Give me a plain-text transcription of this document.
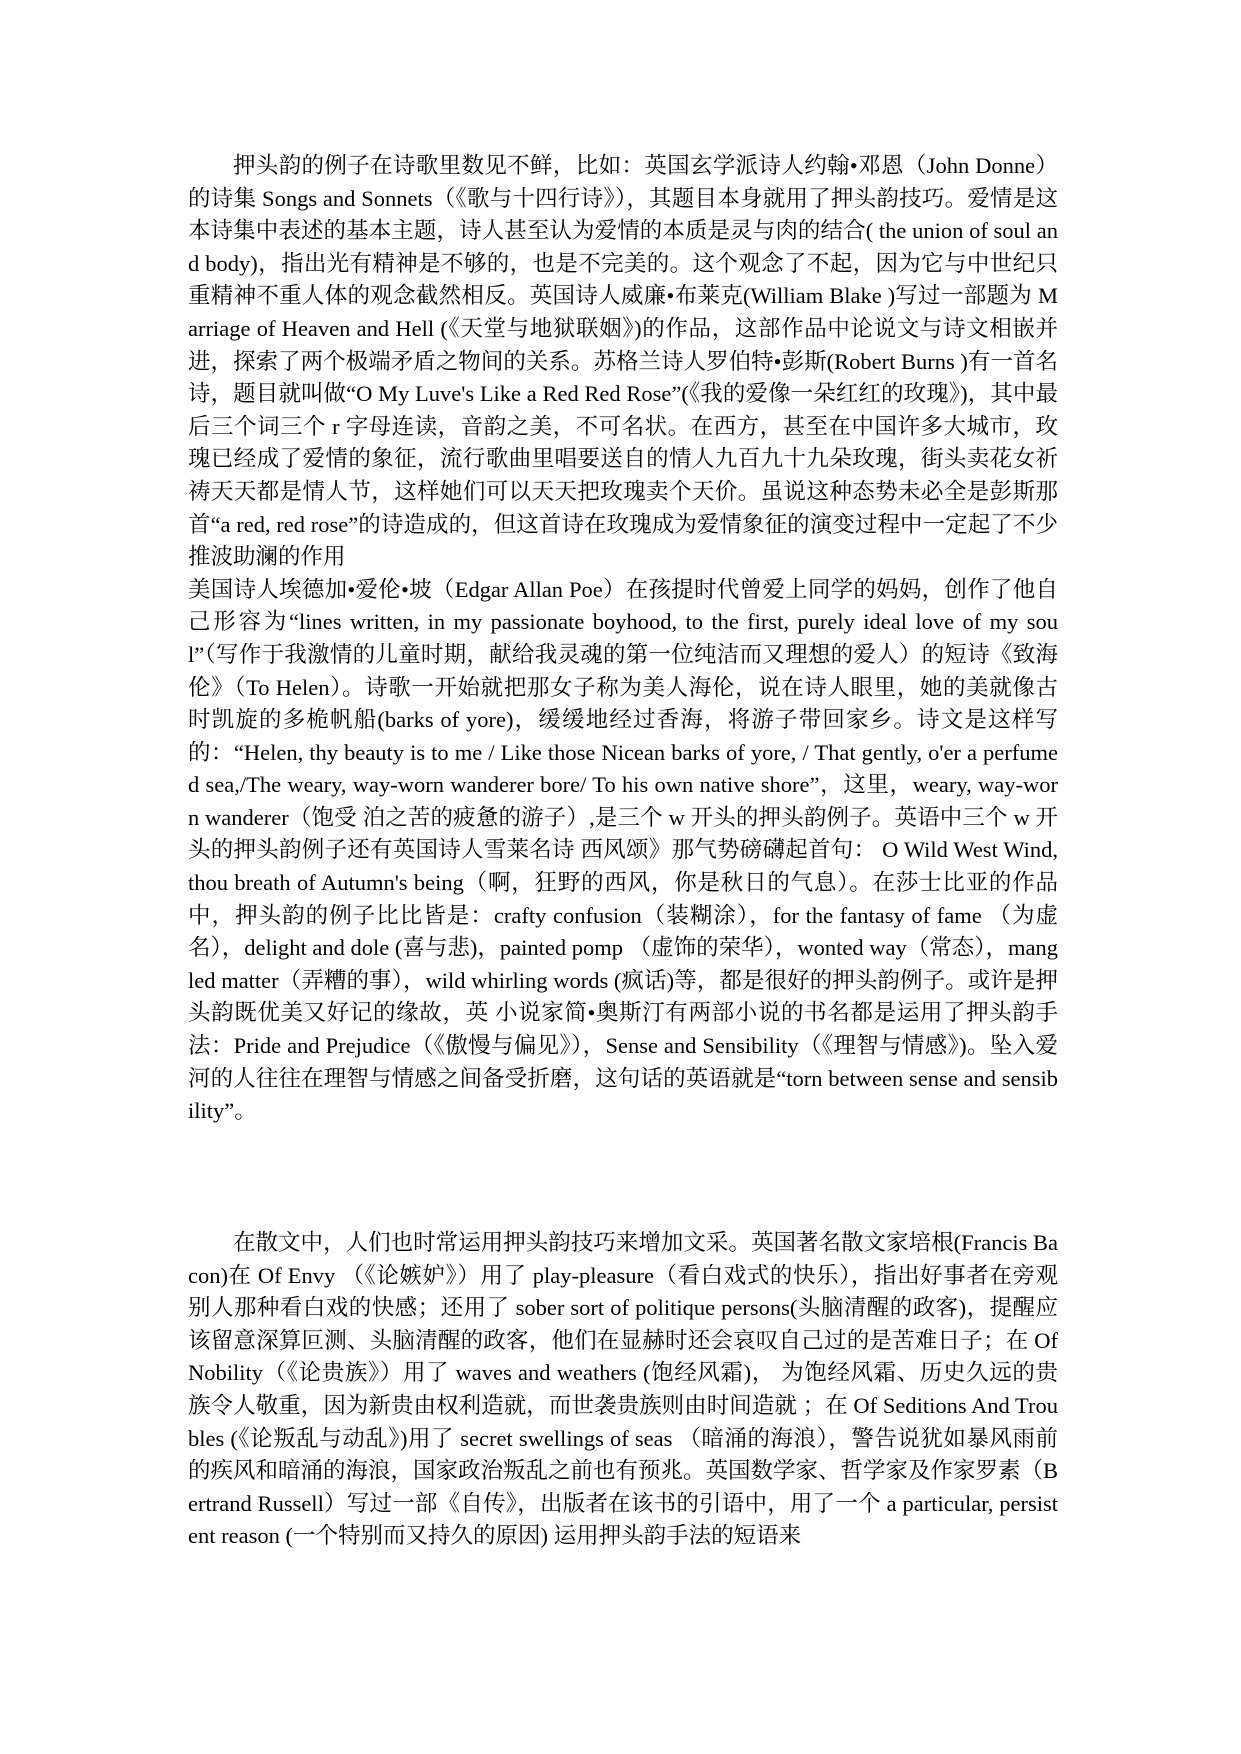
押头韵的例子在诗歌里数见不鲜，比如：英国玄学派诗人约翰•邓恩（John Donne）的诗集 Songs and Sonnets（《歌与十四行诗》），其题目本身就用了押头韵技巧。爱情是这本诗集中表述的基本主题，诗人甚至认为爱情的本质是灵与肉的结合( the union of soul and body)，指出光有精神是不够的，也是不完美的。这个观念了不起，因为它与中世纪只重精神不重人体的观念截然相反。英国诗人威廉•布莱克(William Blake )写过一部题为 Marriage of Heaven and Hell (《天堂与地狱联姻》)的作品，这部作品中论说文与诗文相嵌并进，探索了两个极端矛盾之物间的关系。苏格兰诗人罗伯特•彭斯(Robert Burns )有一首名诗，题目就叫做“O My Luve's Like a Red Red Rose”(《我的爱像一朵红红的玫瑰》)，其中最后三个词三个 r 字母连读，音韵之美，不可名状。在西方，甚至在中国许多大城市，玫瑰已经成了爱情的象征，流行歌曲里唱要送自的情人九百九十九朵玫瑰，街头卖花女祈祷天天都是情人节，这样她们可以天天把玫瑰卖个天价。虽说这种态势未必全是彭斯那首“a red, red rose”的诗造成的，但这首诗在玫瑰成为爱情象征的演变过程中一定起了不少推波助澜的作用

美国诗人埃德加•爱伦•坡（Edgar Allan Poe）在孩提时代曾爱上同学的妈妈，创作了他自己形容为“lines written, in my passionate boyhood, to the first, purely ideal love of my soul”（写作于我激情的儿童时期，献给我灵魂的第一位纯洁而又理想的爱人）的短诗《致海伦》（To Helen）。诗歌一开始就把那女子称为美人海伦，说在诗人眼里，她的美就像古时凯旋的多桅帆船(barks of yore)，缓缓地经过香海，将游子带回家乡。诗文是这样写的：“Helen, thy beauty is to me / Like those Nicean barks of yore, / That gently, o'er a perfumed sea,/The weary, way-worn wanderer bore/ To his own native shore”，这里，weary, way-worn wanderer（饱受 泊之苦的疲惫的游子）,是三个 w 开头的押头韵例子。英语中三个 w 开头的押头韵例子还有英国诗人雪莱名诗 西风颂》那气势磅礴起首句： O Wild West Wind, thou breath of Autumn's being（啊，狂野的西风，你是秋日的气息）。在莎士比亚的作品中，押头韵的例子比比皆是：crafty confusion（装糊涂），for the fantasy of fame （为虚名），delight and dole (喜与悲)，painted pomp （虚饰的荣华），wonted way（常态），mangled matter（弄糟的事），wild whirling words (疯话)等，都是很好的押头韵例子。或许是押头韵既优美又好记的缘故，英 小说家简•奥斯汀有两部小说的书名都是运用了押头韵手法：Pride and Prejudice（《傲慢与偏见》），Sense and Sensibility（《理智与情感》)。坠入爱河的人往往在理智与情感之间备受折磨，这句话的英语就是“torn between sense and sensibility”。

在散文中，人们也时常运用押头韵技巧来增加文采。英国著名散文家培根(Francis Bacon)在 Of Envy （《论嫉妒》）用了 play-pleasure（看白戏式的快乐），指出好事者在旁观别人那种看白戏的快感；还用了 sober sort of politique persons(头脑清醒的政客)，提醒应该留意深算叵测、头脑清醒的政客，他们在显赫时还会哀叹自己过的是苦难日子；在 Of Nobility（《论贵族》）用了 waves and weathers (饱经风霜)， 为饱经风霜、历史久远的贵族令人敬重，因为新贵由权利造就，而世袭贵族则由时间造就 ；在 Of Seditions And Troubles (《论叛乱与动乱》)用了 secret swellings of seas （暗涌的海浪），警告说犹如暴风雨前的疾风和暗涌的海浪，国家政治叛乱之前也有预兆。英国数学家、哲学家及作家罗素（Bertrand Russell）写过一部《自传》，出版者在该书的引语中，用了一个 a particular, persistent reason (一个特别而又持久的原因) 运用押头韵手法的短语来
